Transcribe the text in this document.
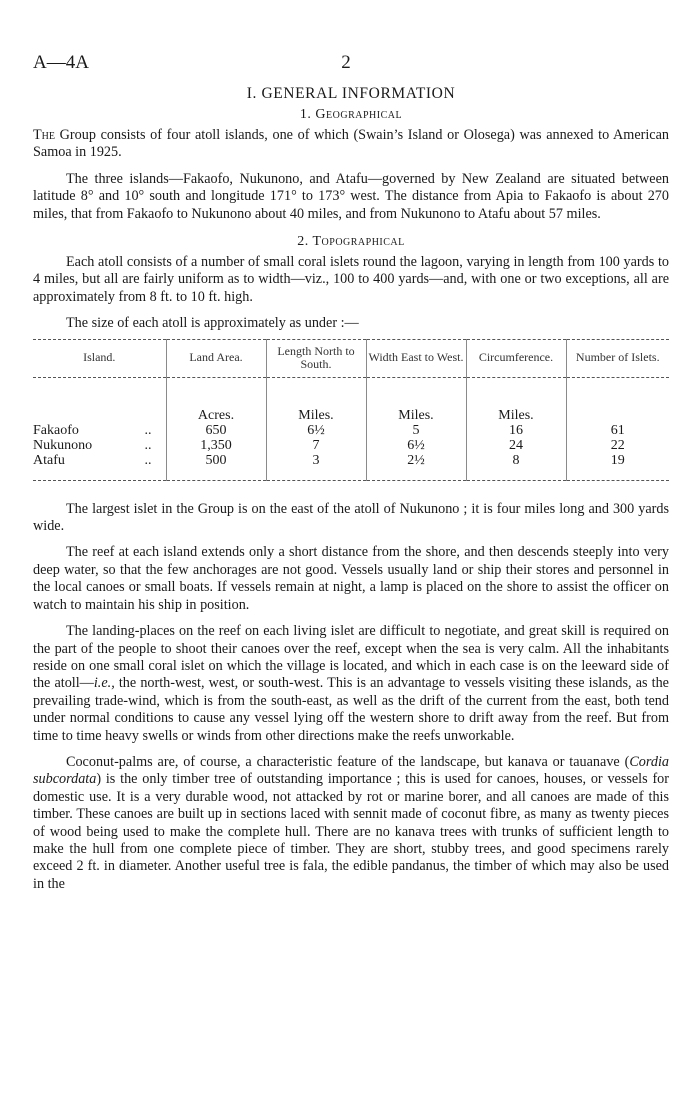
A—4A	2
I. GENERAL INFORMATION
1. Geographical

The Group consists of four atoll islands, one of which (Swain’s Island or Olosega) was annexed to American Samoa in 1925.

The three islands—Fakaofo, Nukunono, and Atafu—governed by New Zealand are situated between latitude 8° and 10° south and longitude 171° to 173° west. The distance from Apia to Fakaofo is about 270 miles, that from Fakaofo to Nukunono about 40 miles, and from Nukunono to Atafu about 57 miles.

2. Topographical

Each atoll consists of a number of small coral islets round the lagoon, varying in length from 100 yards to 4 miles, but all are fairly uniform as to width—viz., 100 to 400 yards—and, with one or two exceptions, all are approximately from 8 ft. to 10 ft. high.

The size of each atoll is approximately as under :—

Island.	Land Area.	Length North to South.	Width East to West.	Circumference.	Number of Islets.

	Acres.	Miles.	Miles.	Miles.	
Fakaofo ..	650	6½	5	16	61
Nukunono ..	1,350	7	6½	24	22
Atafu ..	500	3	2½	8	19

The largest islet in the Group is on the east of the atoll of Nukunono ; it is four miles long and 300 yards wide.

The reef at each island extends only a short distance from the shore, and then descends steeply into very deep water, so that the few anchorages are not good. Vessels usually land or ship their stores and personnel in the local canoes or small boats. If vessels remain at night, a lamp is placed on the shore to assist the officer on watch to maintain his ship in position.

The landing-places on the reef on each living islet are difficult to negotiate, and great skill is required on the part of the people to shoot their canoes over the reef, except when the sea is very calm. All the inhabitants reside on one small coral islet on which the village is located, and which in each case is on the leeward side of the atoll—i.e., the north-west, west, or south-west. This is an advantage to vessels visiting these islands, as the prevailing trade-wind, which is from the south-east, as well as the drift of the current from the east, both tend under normal conditions to cause any vessel lying off the western shore to drift away from the reef. But from time to time heavy swells or winds from other directions make the reefs unworkable.

Coconut-palms are, of course, a characteristic feature of the landscape, but kanava or tauanave (Cordia subcordata) is the only timber tree of outstanding importance ; this is used for canoes, houses, or vessels for domestic use. It is a very durable wood, not attacked by rot or marine borer, and all canoes are made of this timber. These canoes are built up in sections laced with sennit made of coconut fibre, as many as twenty pieces of wood being used to make the complete hull. There are no kanava trees with trunks of sufficient length to make the hull from one complete piece of timber. They are short, stubby trees, and good specimens rarely exceed 2 ft. in diameter. Another useful tree is fala, the edible pandanus, the timber of which may also be used in the
